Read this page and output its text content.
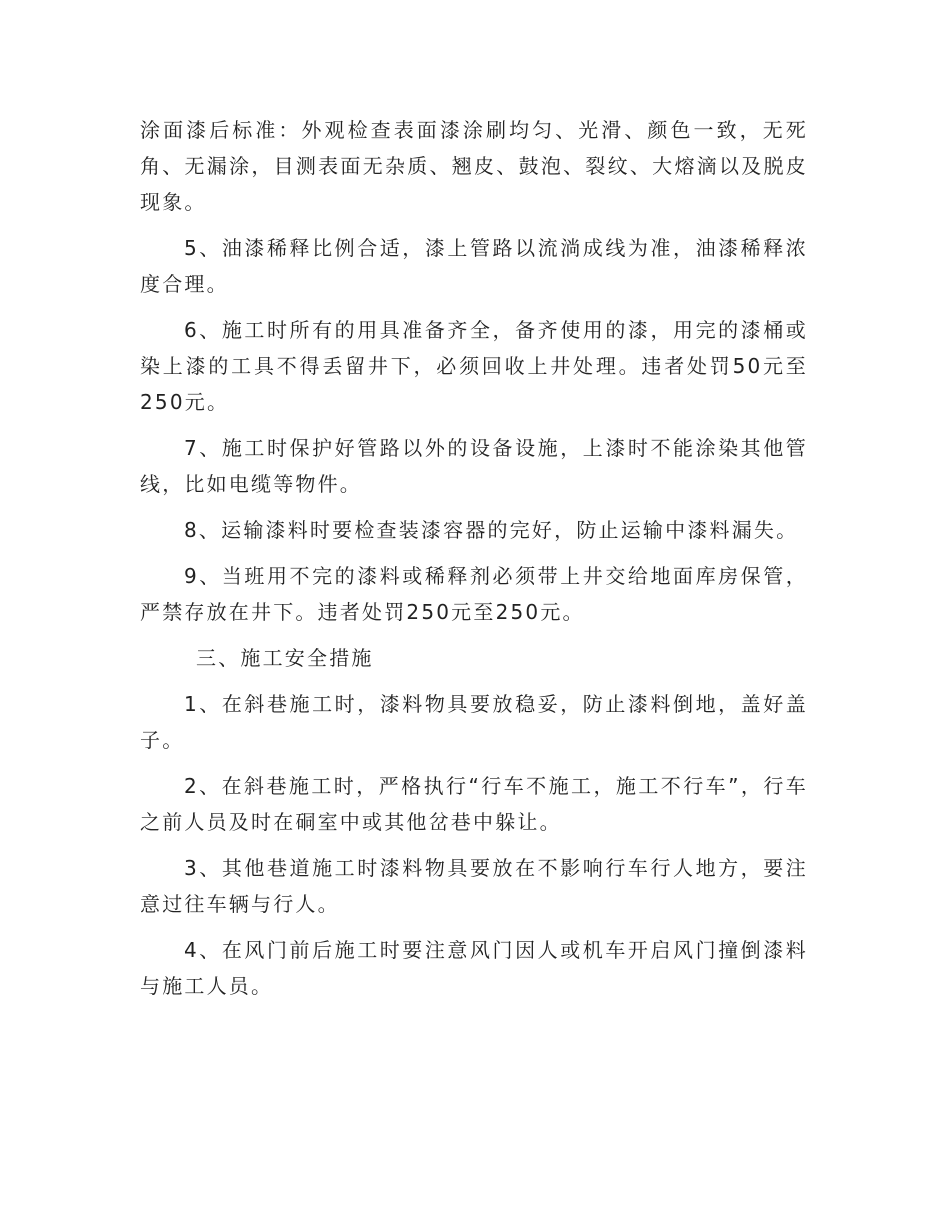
涂面漆后标准：外观检查表面漆涂刷均匀、光滑、颜色一致，无死角、无漏涂，目测表面无杂质、翘皮、鼓泡、裂纹、大熔滴以及脱皮现象。

5、油漆稀释比例合适，漆上管路以流淌成线为准，油漆稀释浓度合理。

6、施工时所有的用具准备齐全，备齐使用的漆，用完的漆桶或染上漆的工具不得丢留井下，必须回收上井处理。违者处罚50元至250元。

7、施工时保护好管路以外的设备设施，上漆时不能涂染其他管线，比如电缆等物件。

8、运输漆料时要检查装漆容器的完好，防止运输中漆料漏失。

9、当班用不完的漆料或稀释剂必须带上井交给地面库房保管，严禁存放在井下。违者处罚250元至250元。

三、施工安全措施

1、在斜巷施工时，漆料物具要放稳妥，防止漆料倒地，盖好盖子。

2、在斜巷施工时，严格执行“行车不施工，施工不行车”，行车之前人员及时在硐室中或其他岔巷中躲让。

3、其他巷道施工时漆料物具要放在不影响行车行人地方，要注意过往车辆与行人。

4、在风门前后施工时要注意风门因人或机车开启风门撞倒漆料与施工人员。
